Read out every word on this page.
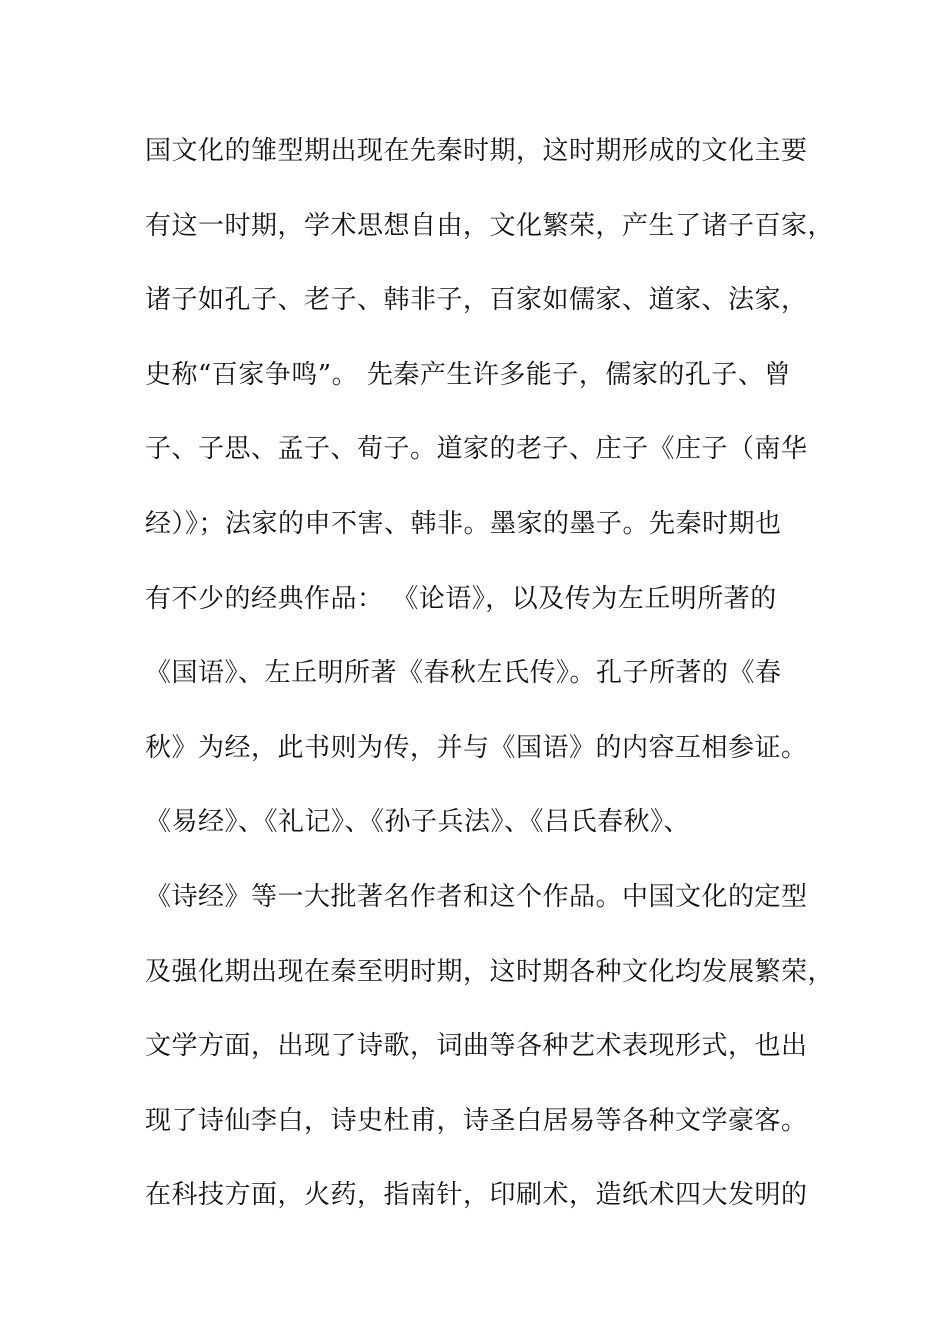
国文化的雏型期出现在先秦时期，这时期形成的文化主要
有这一时期，学术思想自由，文化繁荣，产生了诸子百家，
诸子如孔子、老子、韩非子，百家如儒家、道家、法家，
史称“百家争鸣”。 先秦产生许多能子，儒家的孔子、曾
子、子思、孟子、荀子。道家的老子、庄子《庄子（南华
经）》；法家的申不害、韩非。墨家的墨子。先秦时期也
有不少的经典作品： 《论语》，以及传为左丘明所著的
《国语》、左丘明所著《春秋左氏传》。孔子所著的《春
秋》为经，此书则为传，并与《国语》的内容互相参证。
《易经》、《礼记》、《孙子兵法》、《吕氏春秋》、
《诗经》等一大批著名作者和这个作品。中国文化的定型
及强化期出现在秦至明时期，这时期各种文化均发展繁荣，
文学方面，出现了诗歌，词曲等各种艺术表现形式，也出
现了诗仙李白，诗史杜甫，诗圣白居易等各种文学豪客。
在科技方面，火药，指南针，印刷术，造纸术四大发明的
